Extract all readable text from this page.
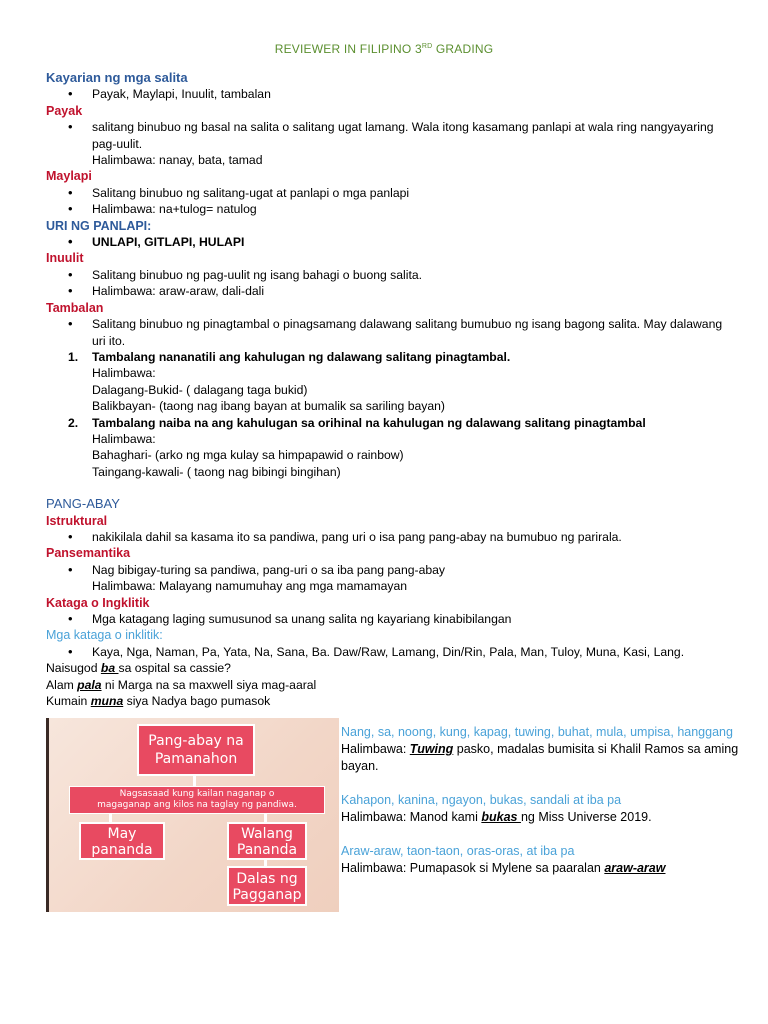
REVIEWER IN FILIPINO 3RD GRADING
Kayarian ng mga salita
• Payak, Maylapi, Inuulit, tambalan
Payak
• salitang binubuo ng basal na salita o salitang ugat lamang. Wala itong kasamang panlapi at wala ring nangyayaring pag-uulit.
Halimbawa: nanay, bata, tamad
Maylapi
• Salitang binubuo ng salitang-ugat at panlapi o mga panlapi
• Halimbawa: na+tulog= natulog
URI NG PANLAPI:
• UNLAPI, GITLAPI, HULAPI
Inuulit
• Salitang binubuo ng pag-uulit ng isang bahagi o buong salita.
• Halimbawa: araw-araw, dali-dali
Tambalan
• Salitang binubuo ng pinagtambal o pinagsamang dalawang salitang bumubuo ng isang bagong salita. May dalawang uri ito.
1. Tambalang nananatili ang kahulugan ng dalawang salitang pinagtambal.
Halimbawa:
Dalagang-Bukid- ( dalagang taga bukid)
Balikbayan- (taong nag ibang bayan at bumalik sa sariling bayan)
2. Tambalang naiba na ang kahulugan sa orihinal na kahulugan ng dalawang salitang pinagtambal
Halimbawa:
Bahaghari- (arko ng mga kulay sa himpapawid o rainbow)
Taingang-kawali- ( taong nag bibingi bingihan)
PANG-ABAY
Istruktural
• nakikilala dahil sa kasama ito sa pandiwa, pang uri o isa pang pang-abay na bumubuo ng parirala.
Pansemantika
• Nag bibigay-turing sa pandiwa, pang-uri o sa iba pang pang-abay
Halimbawa: Malayang namumuhay ang mga mamamayan
Kataga o Ingklitik
• Mga katagang laging sumusunod sa unang salita ng kayariang kinabibilangan
Mga kataga o inklitik:
• Kaya, Nga, Naman, Pa, Yata, Na, Sana, Ba. Daw/Raw, Lamang, Din/Rin, Pala, Man, Tuloy, Muna, Kasi, Lang.
Naisugod ba sa ospital sa cassie?
Alam pala ni Marga na sa maxwell siya mag-aaral
Kumain muna siya Nadya bago pumasok
Pang-abay na
Pamanahon
Nagsasaad kung kailan naganap o
magaganap ang kilos na taglay ng pandiwa.
May
pananda
Walang
Pananda
Dalas ng
Pagganap
Nang, sa, noong, kung, kapag, tuwing, buhat, mula, umpisa, hanggang
Halimbawa: Tuwing pasko, madalas bumisita si Khalil Ramos sa aming bayan.
Kahapon, kanina, ngayon, bukas, sandali at iba pa
Halimbawa: Manod kami bukas ng Miss Universe 2019.
Araw-araw, taon-taon, oras-oras, at iba pa
Halimbawa: Pumapasok si Mylene sa paaralan araw-araw
